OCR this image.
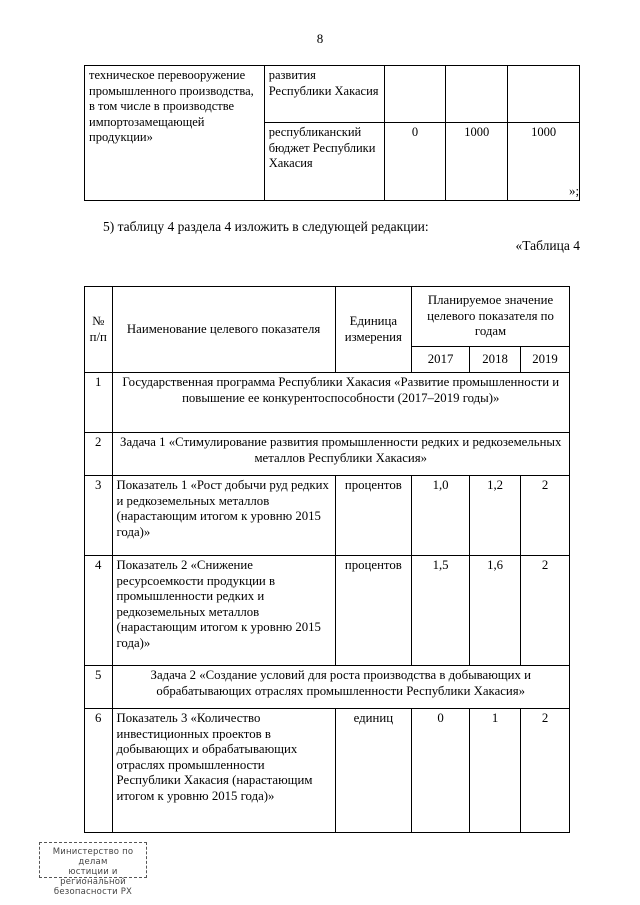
8
техническое перевооружение промышленного производства, в том числе в производстве импортозамещающей продукции»	развития Республики Хакасия			
	республиканский бюджет Республики Хакасия	0	1000	1000
»;
5) таблицу 4 раздела 4 изложить в следующей редакции:
«Таблица 4
№ п/п	Наименование целевого показателя	Единица измерения	Планируемое значение целевого показателя по годам		
			2017	2018	2019
1	Государственная программа Республики Хакасия «Развитие промышленности и повышение ее конкурентоспособности (2017–2019 годы)»				
2	Задача 1 «Стимулирование развития промышленности редких и редкоземельных металлов Республики Хакасия»				
3	Показатель 1 «Рост добычи руд редких и редкоземельных металлов (нарастающим итогом к уровню 2015 года)»	процентов	1,0	1,2	2
4	Показатель 2 «Снижение ресурсоемкости продукции в промышленности редких и редкоземельных металлов (нарастающим итогом к уровню 2015 года)»	процентов	1,5	1,6	2
5	Задача 2 «Создание условий для роста производства в добывающих и обрабатывающих отраслях промышленности Республики Хакасия»				
6	Показатель 3 «Количество инвестиционных проектов в добывающих и обрабатывающих отраслях промышленности Республики Хакасия (нарастающим итогом к уровню 2015 года)»	единиц	0	1	2
Министерство по делам
юстиции и региональной
безопасности РХ
